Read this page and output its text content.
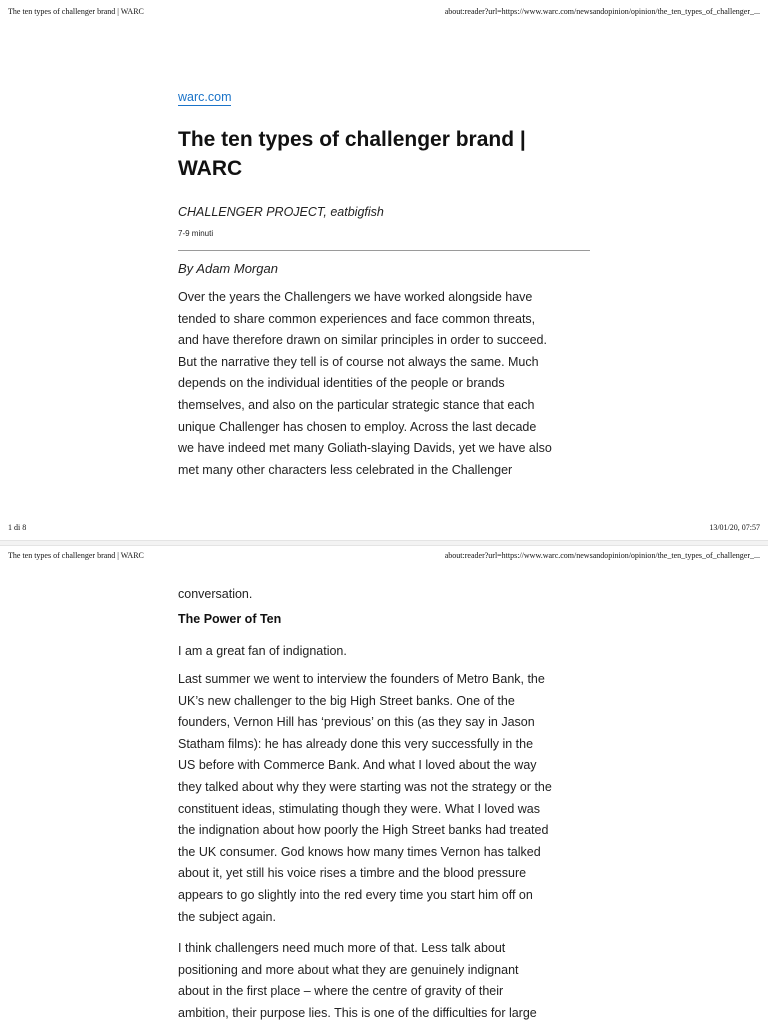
The ten types of challenger brand | WARC	about:reader?url=https://www.warc.com/newsandopinion/opinion/the_ten_types_of_challenger_...
warc.com
The ten types of challenger brand | WARC
CHALLENGER PROJECT, eatbigfish
7-9 minuti
By Adam Morgan
Over the years the Challengers we have worked alongside have
tended to share common experiences and face common threats,
and have therefore drawn on similar principles in order to succeed.
But the narrative they tell is of course not always the same. Much
depends on the individual identities of the people or brands
themselves, and also on the particular strategic stance that each
unique Challenger has chosen to employ. Across the last decade
we have indeed met many Goliath-slaying Davids, yet we have also
met many other characters less celebrated in the Challenger
1 di 8	13/01/20, 07:57
The ten types of challenger brand | WARC	about:reader?url=https://www.warc.com/newsandopinion/opinion/the_ten_types_of_challenger_...
conversation.
The Power of Ten
I am a great fan of indignation.
Last summer we went to interview the founders of Metro Bank, the
UK’s new challenger to the big High Street banks. One of the
founders, Vernon Hill has ‘previous’ on this (as they say in Jason
Statham films): he has already done this very successfully in the
US before with Commerce Bank. And what I loved about the way
they talked about why they were starting was not the strategy or the
constituent ideas, stimulating though they were. What I loved was
the indignation about how poorly the High Street banks had treated
the UK consumer. God knows how many times Vernon has talked
about it, yet still his voice rises a timbre and the blood pressure
appears to go slightly into the red every time you start him off on
the subject again.
I think challengers need much more of that. Less talk about
positioning and more about what they are genuinely indignant
about in the first place – where the centre of gravity of their
ambition, their purpose lies. This is one of the difficulties for large
